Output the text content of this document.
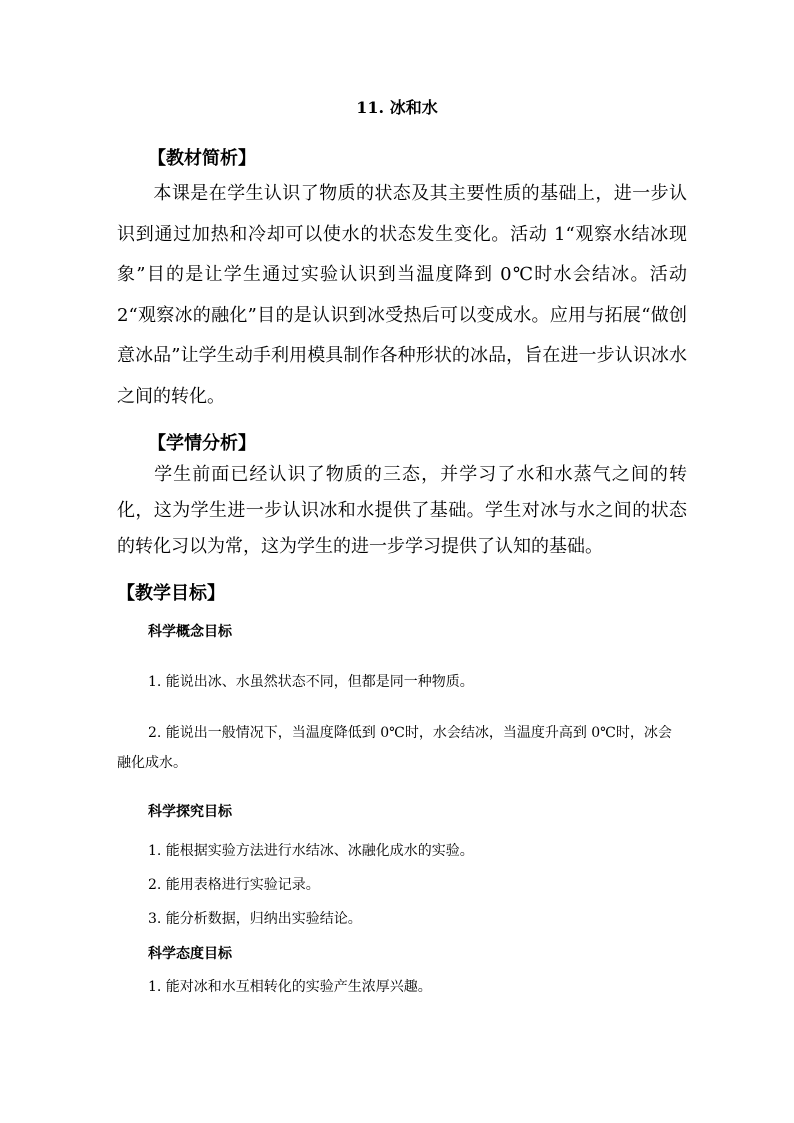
11. 冰和水
【教材简析】
本课是在学生认识了物质的状态及其主要性质的基础上，进一步认识到通过加热和冷却可以使水的状态发生变化。活动 1“观察水结冰现象”目的是让学生通过实验认识到当温度降到 0℃时水会结冰。活动 2“观察冰的融化”目的是认识到冰受热后可以变成水。应用与拓展“做创意冰品”让学生动手利用模具制作各种形状的冰品，旨在进一步认识冰水之间的转化。
【学情分析】
学生前面已经认识了物质的三态，并学习了水和水蒸气之间的转化，这为学生进一步认识冰和水提供了基础。学生对冰与水之间的状态的转化习以为常，这为学生的进一步学习提供了认知的基础。
【教学目标】
科学概念目标
1. 能说出冰、水虽然状态不同，但都是同一种物质。
2. 能说出一般情况下，当温度降低到 0℃时，水会结冰，当温度升高到 0℃时，冰会融化成水。
科学探究目标
1. 能根据实验方法进行水结冰、冰融化成水的实验。
2. 能用表格进行实验记录。
3. 能分析数据，归纳出实验结论。
科学态度目标
1. 能对冰和水互相转化的实验产生浓厚兴趣。
